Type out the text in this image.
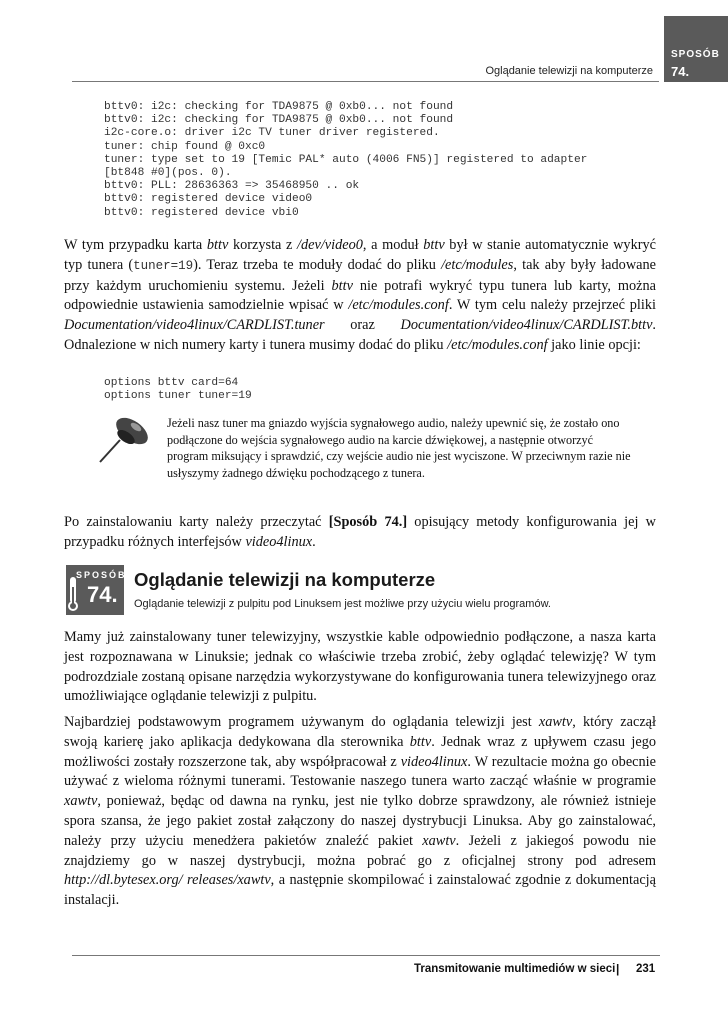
Oglądanie telewizji na komputerze
SPOSÓB
74.
bttv0: i2c: checking for TDA9875 @ 0xb0... not found
bttv0: i2c: checking for TDA9875 @ 0xb0... not found
i2c-core.o: driver i2c TV tuner driver registered.
tuner: chip found @ 0xc0
tuner: type set to 19 [Temic PAL* auto (4006 FN5)] registered to adapter
[bt848 #0](pos. 0).
bttv0: PLL: 28636363 => 35468950 .. ok
bttv0: registered device video0
bttv0: registered device vbi0

W tym przypadku karta bttv korzysta z /dev/video0, a moduł bttv był w stanie automatycznie wykryć typ tunera (tuner=19). Teraz trzeba te moduły dodać do pliku /etc/modules, tak aby były ładowane przy każdym uruchomieniu systemu. Jeżeli bttv nie potrafi wykryć typu tunera lub karty, można odpowiednie ustawienia samodzielnie wpisać w /etc/modules.conf. W tym celu należy przejrzeć pliki Documentation/video4linux/CARDLIST.tuner oraz Documentation/video4linux/CARDLIST.bttv. Odnalezione w nich numery karty i tunera musimy dodać do pliku /etc/modules.conf jako linie opcji:

options bttv card=64
options tuner tuner=19

Jeżeli nasz tuner ma gniazdo wyjścia sygnałowego audio, należy upewnić się, że zostało ono podłączone do wejścia sygnałowego audio na karcie dźwiękowej, a następnie otworzyć program miksujący i sprawdzić, czy wejście audio nie jest wyciszone. W przeciwnym razie nie usłyszymy żadnego dźwięku pochodzącego z tunera.

Po zainstalowaniu karty należy przeczytać [Sposób 74.] opisujący metody konfigurowania jej w przypadku różnych interfejsów video4linux.

SPOSÓB
74.
Oglądanie telewizji na komputerze
Oglądanie telewizji z pulpitu pod Linuksem jest możliwe przy użyciu wielu programów.

Mamy już zainstalowany tuner telewizyjny, wszystkie kable odpowiednio podłączone, a nasza karta jest rozpoznawana w Linuksie; jednak co właściwie trzeba zrobić, żeby oglądać telewizję? W tym podrozdziale zostaną opisane narzędzia wykorzystywane do konfigurowania tunera telewizyjnego oraz umożliwiające oglądanie telewizji z pulpitu.

Najbardziej podstawowym programem używanym do oglądania telewizji jest xawtv, który zaczął swoją karierę jako aplikacja dedykowana dla sterownika bttv. Jednak wraz z upływem czasu jego możliwości zostały rozszerzone tak, aby współpracował z video4linux. W rezultacie można go obecnie używać z wieloma różnymi tunerami. Testowanie naszego tunera warto zacząć właśnie w programie xawtv, ponieważ, będąc od dawna na rynku, jest nie tylko dobrze sprawdzony, ale również istnieje spora szansa, że jego pakiet został załączony do naszej dystrybucji Linuksa. Aby go zainstalować, należy przy użyciu menedżera pakietów znaleźć pakiet xawtv. Jeżeli z jakiegoś powodu nie znajdziemy go w naszej dystrybucji, można pobrać go z oficjalnej strony pod adresem http://dl.bytesex.org/ releases/xawtv, a następnie skompilować i zainstalować zgodnie z dokumentacją instalacji.

Transmitowanie multimediów w sieci | 231
